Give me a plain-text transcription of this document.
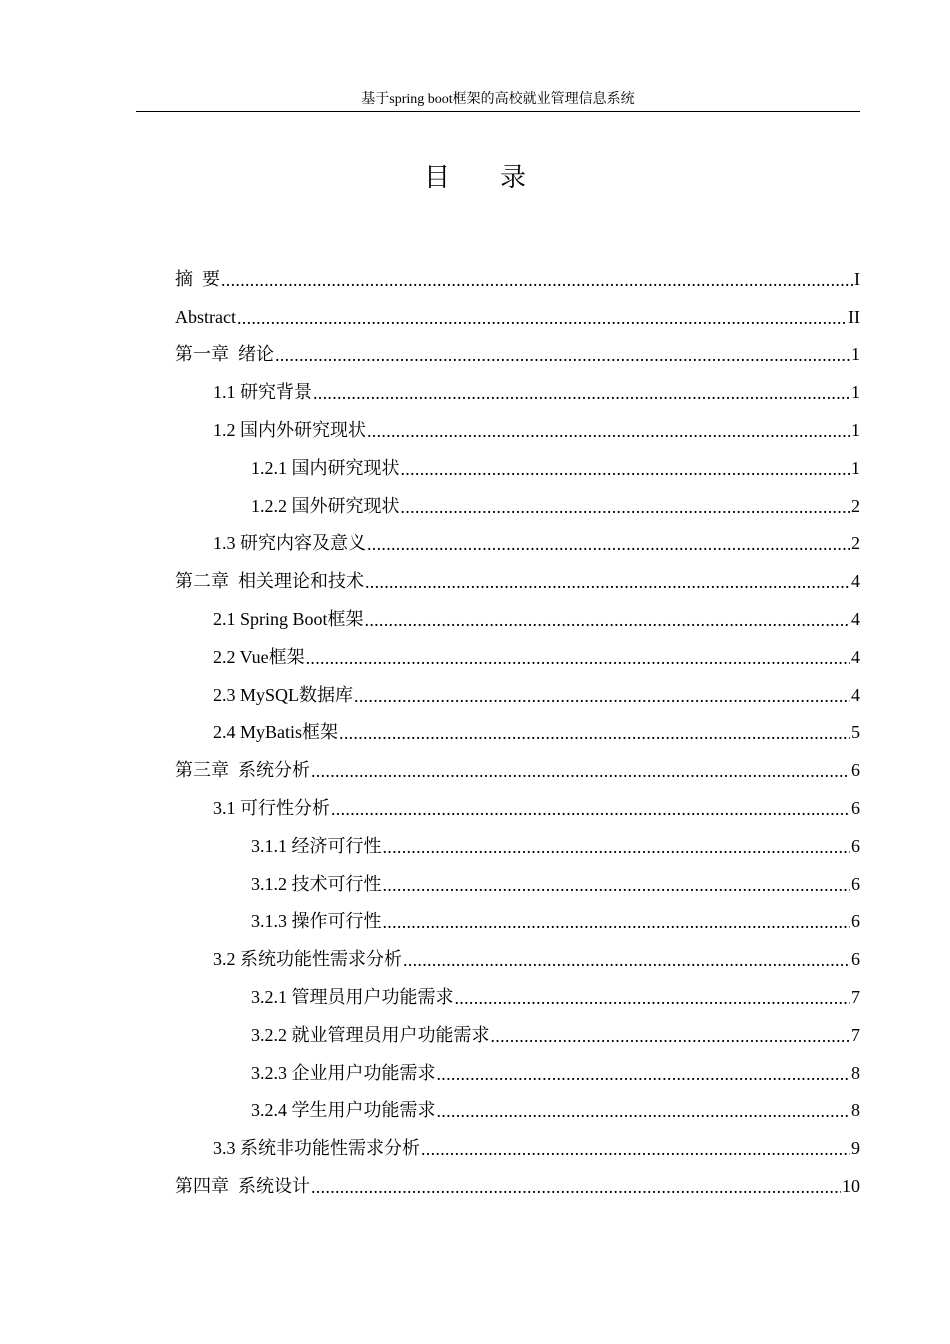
基于spring boot框架的高校就业管理信息系统
目 录
摘  要 .....	I
Abstract .....	II
第一章  绪论 .....	1
1.1 研究背景 .....	1
1.2 国内外研究现状 .....	1
1.2.1 国内研究现状 .....	1
1.2.2 国外研究现状 .....	2
1.3 研究内容及意义 .....	2
第二章  相关理论和技术 .....	4
2.1 Spring Boot框架 .....	4
2.2 Vue框架 .....	4
2.3 MySQL数据库 .....	4
2.4 MyBatis框架 .....	5
第三章  系统分析 .....	6
3.1 可行性分析 .....	6
3.1.1 经济可行性 .....	6
3.1.2 技术可行性 .....	6
3.1.3 操作可行性 .....	6
3.2 系统功能性需求分析 .....	6
3.2.1 管理员用户功能需求 .....	7
3.2.2 就业管理员用户功能需求 .....	7
3.2.3 企业用户功能需求 .....	8
3.2.4 学生用户功能需求 .....	8
3.3 系统非功能性需求分析 .....	9
第四章  系统设计 .....	10
